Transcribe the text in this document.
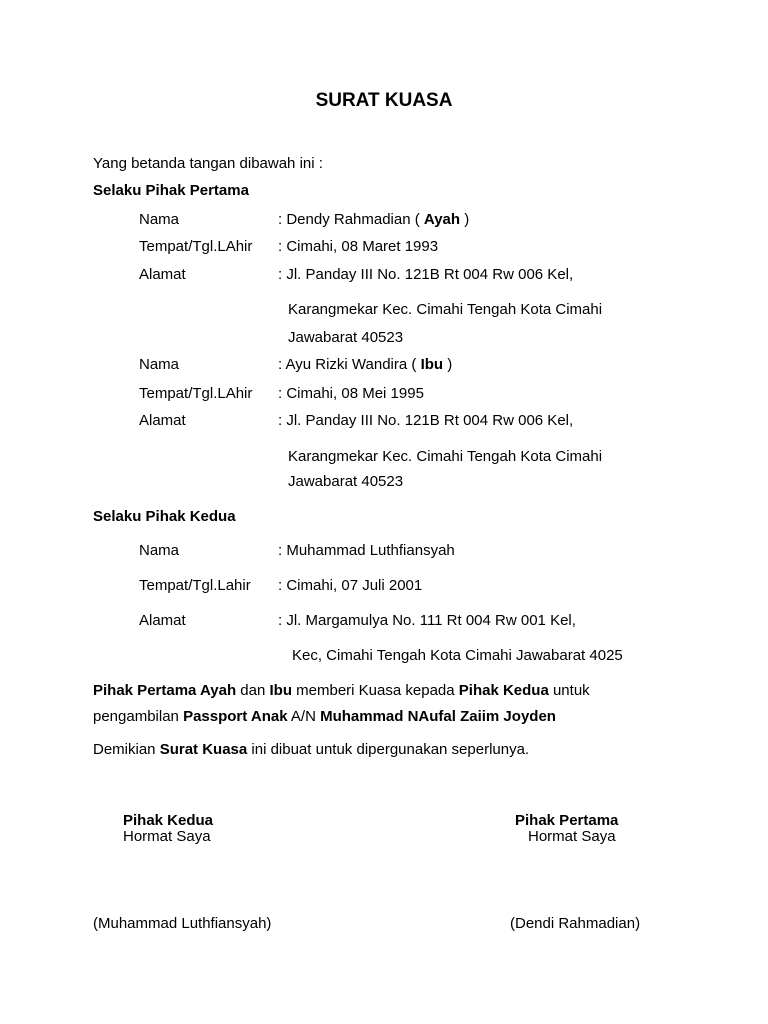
SURAT KUASA
Yang betanda tangan dibawah ini :
Selaku Pihak Pertama
Nama	: Dendy Rahmadian ( Ayah )
Tempat/Tgl.LAhir : Cimahi, 08 Maret 1993
Alamat	: Jl. Panday III No. 121B Rt 004 Rw 006 Kel,
Karangmekar Kec. Cimahi Tengah Kota Cimahi
Jawabarat 40523
Nama	: Ayu Rizki Wandira ( Ibu )
Tempat/Tgl.LAhir : Cimahi, 08 Mei 1995
Alamat	: Jl. Panday III No. 121B Rt 004 Rw 006 Kel,
Karangmekar Kec. Cimahi Tengah Kota Cimahi
Jawabarat 40523
Selaku Pihak Kedua
Nama	: Muhammad Luthfiansyah
Tempat/Tgl.Lahir : Cimahi, 07 Juli 2001
Alamat	: Jl. Margamulya No. 111 Rt 004 Rw 001 Kel,
Kec, Cimahi Tengah Kota Cimahi Jawabarat 4025
Pihak Pertama Ayah dan Ibu memberi Kuasa kepada Pihak Kedua untuk
pengambilan Passport Anak A/N Muhammad NAufal Zaiim Joyden
Demikian Surat Kuasa ini dibuat untuk dipergunakan seperlunya.
Pihak Kedua
Hormat Saya
Pihak Pertama
Hormat Saya
(Muhammad Luthfiansyah)	(Dendi Rahmadian)
